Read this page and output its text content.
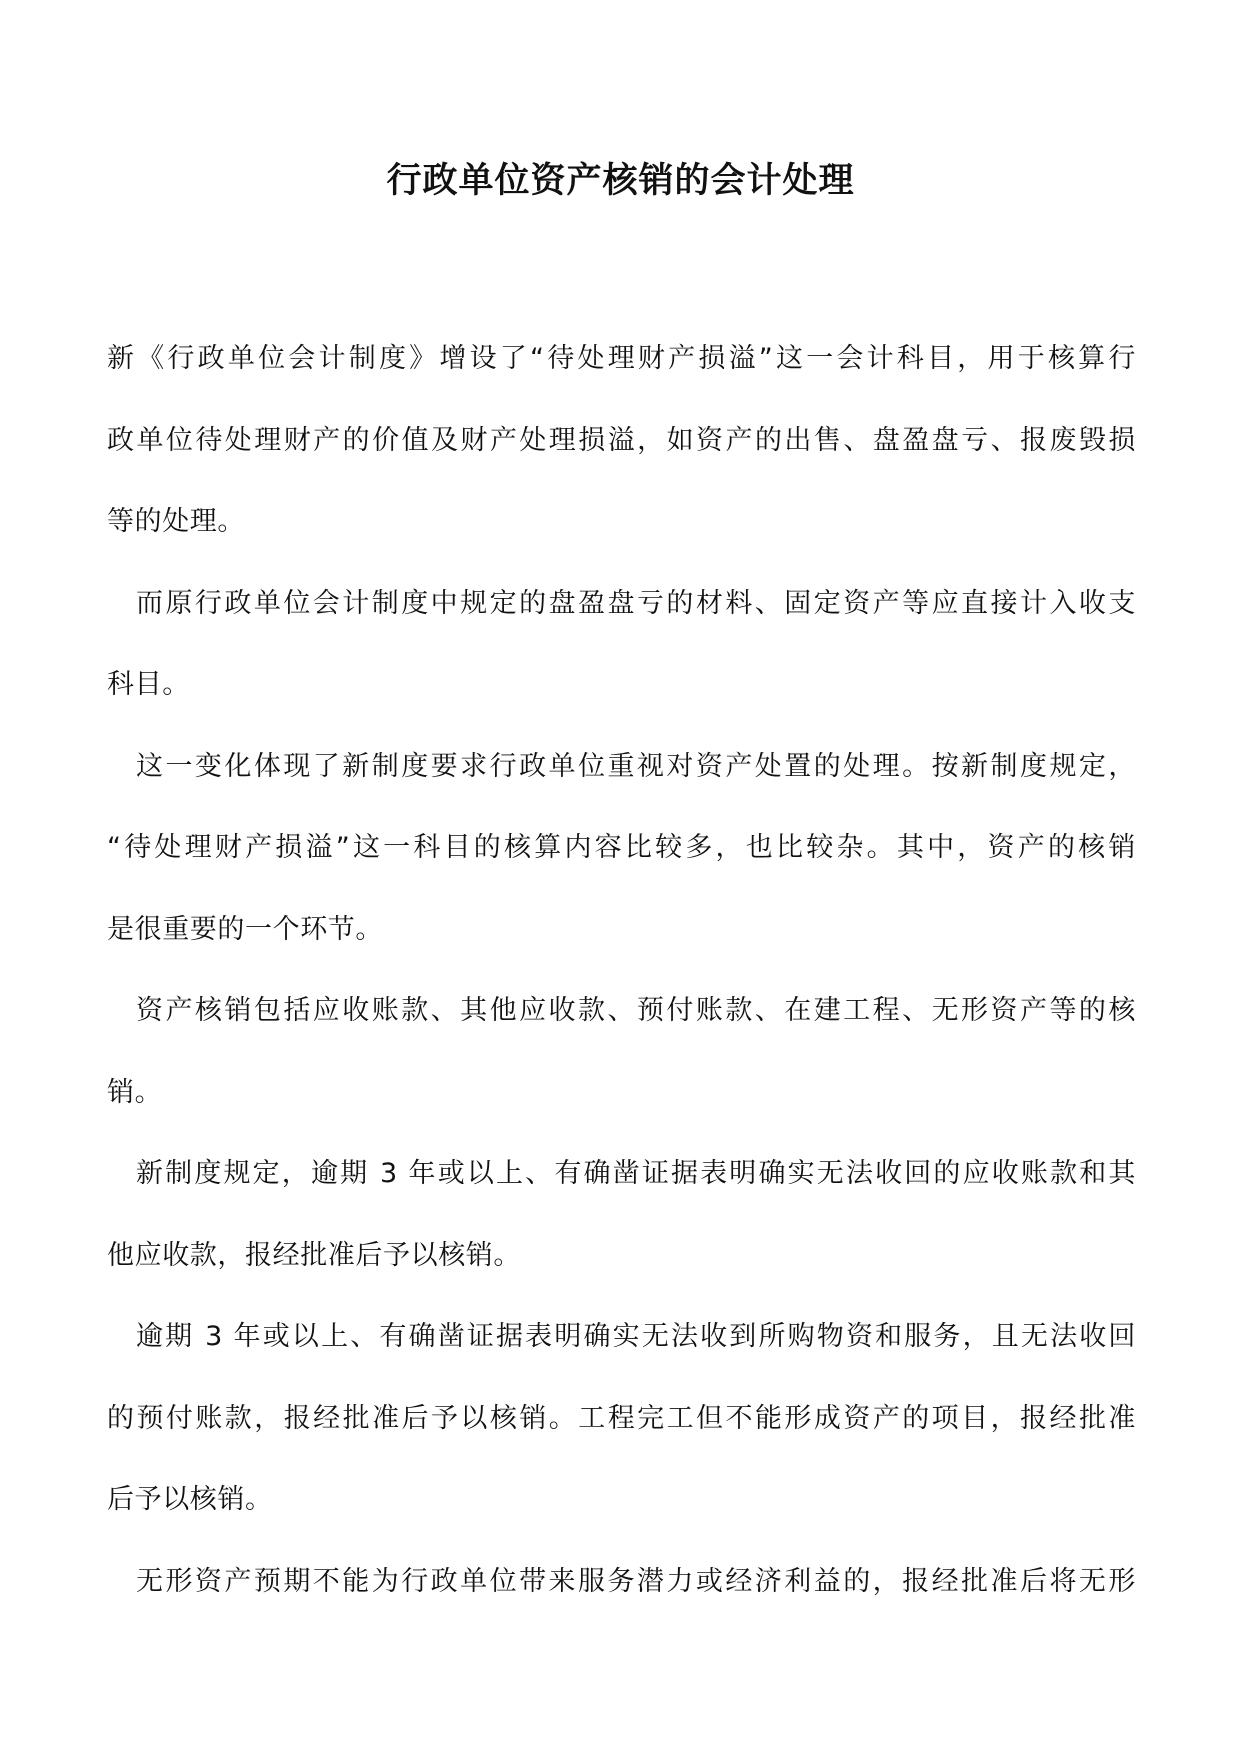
行政单位资产核销的会计处理
新《行政单位会计制度》增设了“待处理财产损溢”这一会计科目，用于核算行
政单位待处理财产的价值及财产处理损溢，如资产的出售、盘盈盘亏、报废毁损
等的处理。
而原行政单位会计制度中规定的盘盈盘亏的材料、固定资产等应直接计入收支
科目。
这一变化体现了新制度要求行政单位重视对资产处置的处理。按新制度规定，
“待处理财产损溢”这一科目的核算内容比较多，也比较杂。其中，资产的核销
是很重要的一个环节。
资产核销包括应收账款、其他应收款、预付账款、在建工程、无形资产等的核
销。
新制度规定，逾期 3 年或以上、有确凿证据表明确实无法收回的应收账款和其
他应收款，报经批准后予以核销。
逾期 3 年或以上、有确凿证据表明确实无法收到所购物资和服务，且无法收回
的预付账款，报经批准后予以核销。工程完工但不能形成资产的项目，报经批准
后予以核销。
无形资产预期不能为行政单位带来服务潜力或经济利益的，报经批准后将无形
